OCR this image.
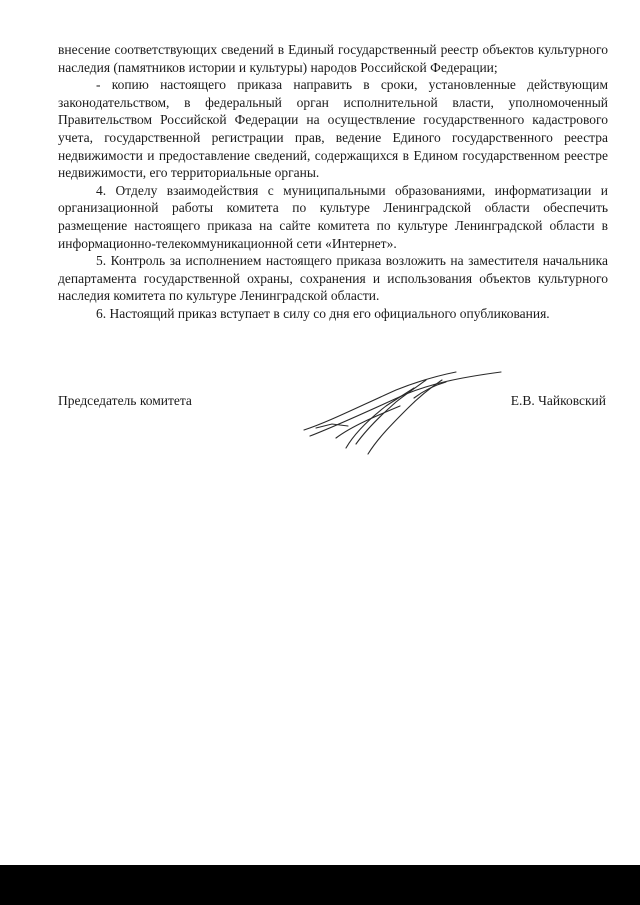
внесение соответствующих сведений в Единый государственный реестр объектов культурного наследия (памятников истории и культуры) народов Российской Федерации;

- копию настоящего приказа направить в сроки, установленные действующим законодательством, в федеральный орган исполнительной власти, уполномоченный Правительством Российской Федерации на осуществление государственного кадастрового учета, государственной регистрации прав, ведение Единого государственного реестра недвижимости и предоставление сведений, содержащихся в Едином государственном реестре недвижимости, его территориальные органы.

4. Отделу взаимодействия с муниципальными образованиями, информатизации и организационной работы комитета по культуре Ленинградской области обеспечить размещение настоящего приказа на сайте комитета по культуре Ленинградской области в информационно-телекоммуникационной сети «Интернет».

5. Контроль за исполнением настоящего приказа возложить на заместителя начальника департамента государственной охраны, сохранения и использования объектов культурного наследия комитета по культуре Ленинградской области.

6. Настоящий приказ вступает в силу со дня его официального опубликования.

Председатель комитета	Е.В. Чайковский
